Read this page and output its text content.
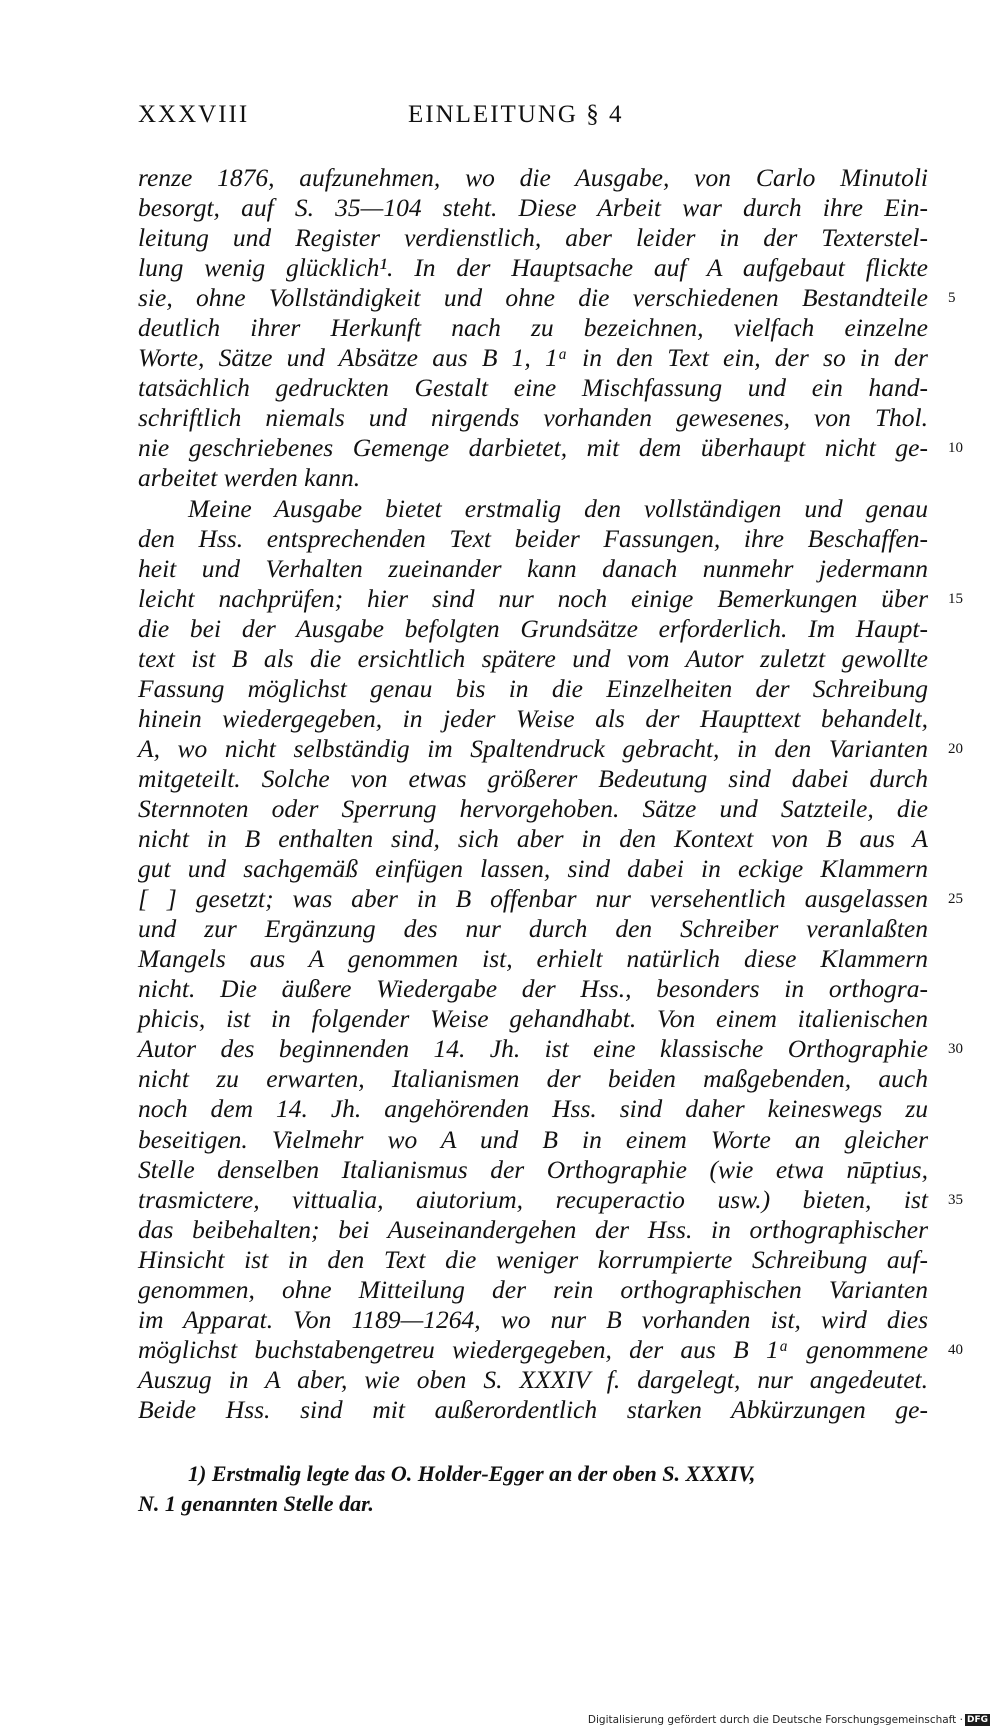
XXXVIII	EINLEITUNG § 4
renze 1876, aufzunehmen, wo die Ausgabe, von Carlo Minutoli
besorgt, auf S. 35—104 steht. Diese Arbeit war durch ihre Ein-
leitung und Register verdienstlich, aber leider in der Texterstel-
lung wenig glücklich¹. In der Hauptsache auf A aufgebaut flickte
sie, ohne Vollständigkeit und ohne die verschiedenen Bestandteile 5
deutlich ihrer Herkunft nach zu bezeichnen, vielfach einzelne
Worte, Sätze und Absätze aus B 1, 1ᵃ in den Text ein, der so in der
tatsächlich gedruckten Gestalt eine Mischfassung und ein hand-
schriftlich niemals und nirgends vorhanden gewesenes, von Thol.
nie geschriebenes Gemenge darbietet, mit dem überhaupt nicht ge- 10
arbeitet werden kann.
Meine Ausgabe bietet erstmalig den vollständigen und genau
den Hss. entsprechenden Text beider Fassungen, ihre Beschaffen-
heit und Verhalten zueinander kann danach nunmehr jedermann
leicht nachprüfen; hier sind nur noch einige Bemerkungen über 15
die bei der Ausgabe befolgten Grundsätze erforderlich. Im Haupt-
text ist B als die ersichtlich spätere und vom Autor zuletzt gewollte
Fassung möglichst genau bis in die Einzelheiten der Schreibung
hinein wiedergegeben, in jeder Weise als der Haupttext behandelt,
A, wo nicht selbständig im Spaltendruck gebracht, in den Varianten 20
mitgeteilt. Solche von etwas größerer Bedeutung sind dabei durch
Sternnoten oder Sperrung hervorgehoben. Sätze und Satzteile, die
nicht in B enthalten sind, sich aber in den Kontext von B aus A
gut und sachgemäß einfügen lassen, sind dabei in eckige Klammern
[ ] gesetzt; was aber in B offenbar nur versehentlich ausgelassen 25
und zur Ergänzung des nur durch den Schreiber veranlaßten
Mangels aus A genommen ist, erhielt natürlich diese Klammern
nicht. Die äußere Wiedergabe der Hss., besonders in orthogra-
phicis, ist in folgender Weise gehandhabt. Von einem italienischen
Autor des beginnenden 14. Jh. ist eine klassische Orthographie 30
nicht zu erwarten, Italianismen der beiden maßgebenden, auch
noch dem 14. Jh. angehörenden Hss. sind daher keineswegs zu
beseitigen. Vielmehr wo A und B in einem Worte an gleicher
Stelle denselben Italianismus der Orthographie (wie etwa nūptius,
trasmictere, vittualia, aiutorium, recuperactio usw.) bieten, ist 35
das beibehalten; bei Auseinandergehen der Hss. in orthographischer
Hinsicht ist in den Text die weniger korrumpierte Schreibung auf-
genommen, ohne Mitteilung der rein orthographischen Varianten
im Apparat. Von 1189—1264, wo nur B vorhanden ist, wird dies
möglichst buchstabengetreu wiedergegeben, der aus B 1ᵃ genommene 40
Auszug in A aber, wie oben S. XXXIV f. dargelegt, nur angedeutet.
Beide Hss. sind mit außerordentlich starken Abkürzungen ge-
1) Erstmalig legte das O. Holder-Egger an der oben S. XXXIV,
N. 1 genannten Stelle dar.
Digitalisierung gefördert durch die Deutsche Forschungsgemeinschaft · DFG
